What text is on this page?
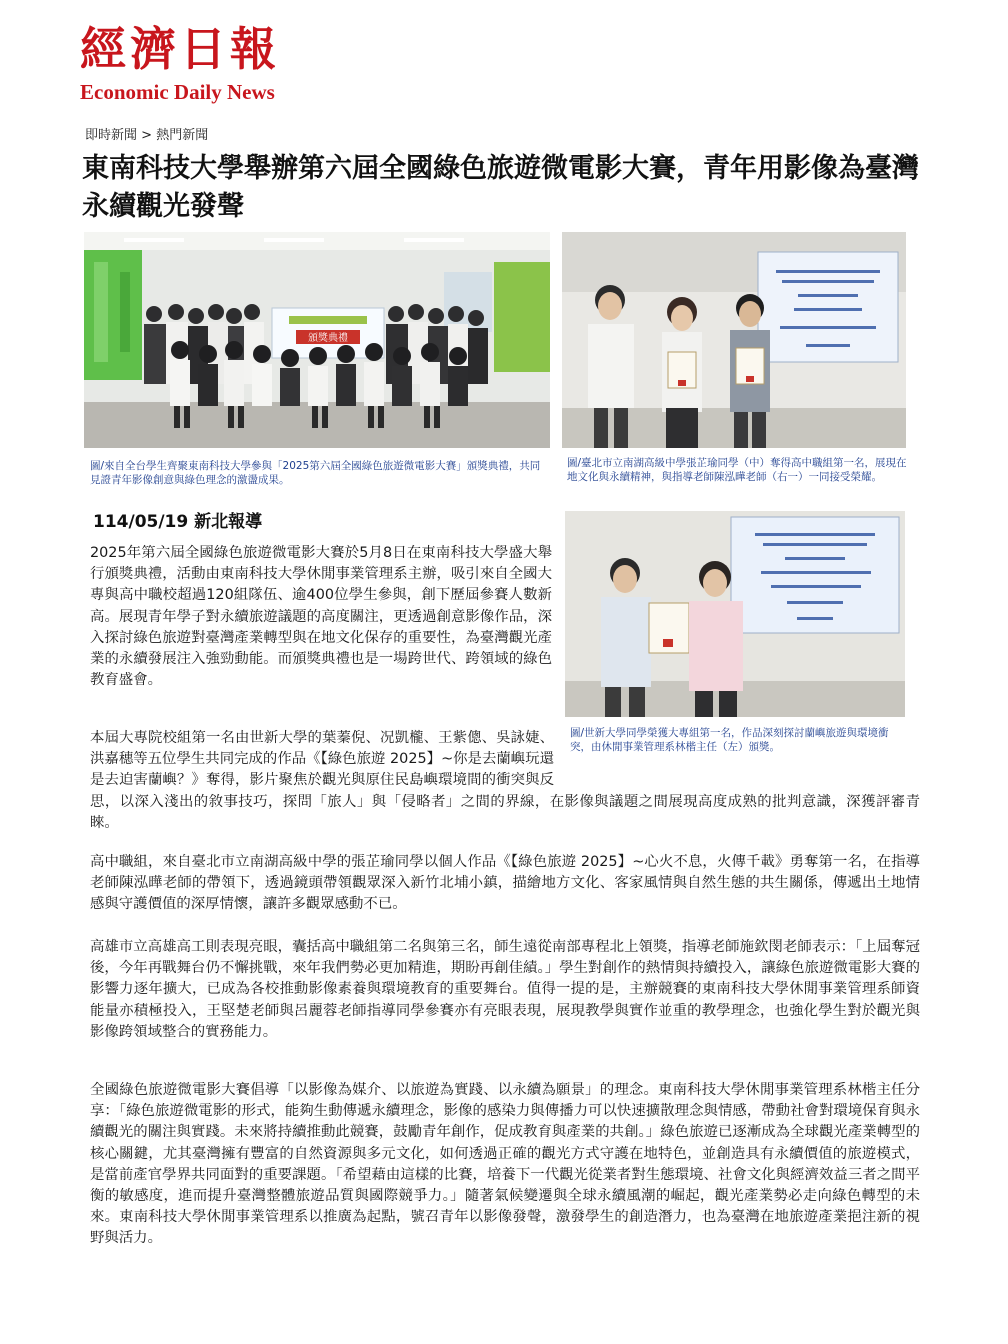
經濟日報
Economic Daily News
即時新聞 > 熱門新聞
東南科技大學舉辦第六屆全國綠色旅遊微電影大賽，青年用影像為臺灣永續觀光發聲
頒獎典禮
圖/來自全台學生齊聚東南科技大學參與「2025第六屆全國綠色旅遊微電影大賽」頒獎典禮，共同見證青年影像創意與綠色理念的激盪成果。
圖/臺北市立南湖高級中學張芷瑜同學（中）奪得高中職組第一名，展現在地文化與永續精神，與指導老師陳泓曄老師（右一）一同接受榮耀。
114/05/19 新北報導

2025年第六屆全國綠色旅遊微電影大賽於5月8日在東南科技大學盛大舉行頒獎典禮，活動由東南科技大學休閒事業管理系主辦，吸引來自全國大專與高中職校超過120組隊伍、逾400位學生參與，創下歷屆參賽人數新高。展現青年學子對永續旅遊議題的高度關注，更透過創意影像作品，深入探討綠色旅遊對臺灣產業轉型與在地文化保存的重要性，為臺灣觀光產業的永續發展注入強勁動能。而頒獎典禮也是一場跨世代、跨領域的綠色教育盛會。

圖/世新大學同學榮獲大專組第一名，作品深刻探討蘭嶼旅遊與環境衝突，由休閒事業管理系林楷主任（左）頒獎。

本屆大專院校組第一名由世新大學的葉蓁倪、况凱櫳、王紫傯、吳詠婕、洪嘉穗等五位學生共同完成的作品《【綠色旅遊 2025】~你是去蘭嶼玩還是去迫害蘭嶼？》奪得，影片聚焦於觀光與原住民島嶼環境間的衝突與反思，以深入淺出的敘事技巧，探問「旅人」與「侵略者」之間的界線，在影像與議題之間展現高度成熟的批判意識，深獲評審青睞。

高中職組，來自臺北市立南湖高級中學的張芷瑜同學以個人作品《【綠色旅遊 2025】~心火不息，火傳千載》勇奪第一名，在指導老師陳泓曄老師的帶領下，透過鏡頭帶領觀眾深入新竹北埔小鎮，描繪地方文化、客家風情與自然生態的共生關係，傳遞出土地情感與守護價值的深厚情懷，讓許多觀眾感動不已。

高雄市立高雄高工則表現亮眼，囊括高中職組第二名與第三名，師生遠從南部專程北上領獎，指導老師施欽閔老師表示：「上屆奪冠後，今年再戰舞台仍不懈挑戰，來年我們勢必更加精進，期盼再創佳績。」學生對創作的熱情與持續投入，讓綠色旅遊微電影大賽的影響力逐年擴大，已成為各校推動影像素養與環境教育的重要舞台。值得一提的是，主辦競賽的東南科技大學休閒事業管理系師資能量亦積極投入，王堅楚老師與呂麗蓉老師指導同學參賽亦有亮眼表現，展現教學與實作並重的教學理念，也強化學生對於觀光與影像跨領域整合的實務能力。

全國綠色旅遊微電影大賽倡導「以影像為媒介、以旅遊為實踐、以永續為願景」的理念。東南科技大學休閒事業管理系林楷主任分享：「綠色旅遊微電影的形式，能夠生動傳遞永續理念，影像的感染力與傳播力可以快速擴散理念與情感，帶動社會對環境保育與永續觀光的關注與實踐。未來將持續推動此競賽，鼓勵青年創作，促成教育與產業的共創。」綠色旅遊已逐漸成為全球觀光產業轉型的核心關鍵，尤其臺灣擁有豐富的自然資源與多元文化，如何透過正確的觀光方式守護在地特色，並創造具有永續價值的旅遊模式，是當前產官學界共同面對的重要課題。「希望藉由這樣的比賽，培養下一代觀光從業者對生態環境、社會文化與經濟效益三者之間平衡的敏感度，進而提升臺灣整體旅遊品質與國際競爭力。」隨著氣候變遷與全球永續風潮的崛起，觀光產業勢必走向綠色轉型的未來。東南科技大學休閒事業管理系以推廣為起點，號召青年以影像發聲，激發學生的創造潛力，也為臺灣在地旅遊產業挹注新的視野與活力。
